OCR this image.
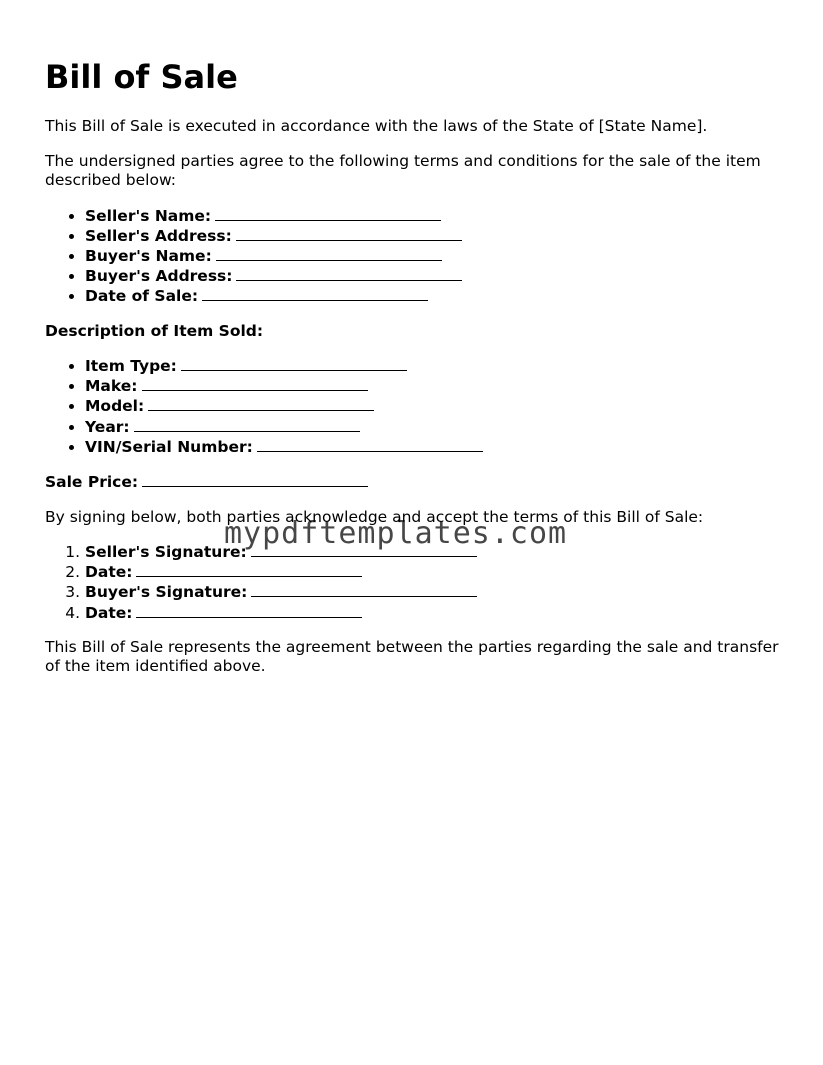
Bill of Sale

This Bill of Sale is executed in accordance with the laws of the State of [State Name].

The undersigned parties agree to the following terms and conditions for the sale of the item described below:

• Seller's Name:
• Seller's Address:
• Buyer's Name:
• Buyer's Address:
• Date of Sale:
Description of Item Sold:
• Item Type:
• Make:
• Model:
• Year:
• VIN/Serial Number:
Sale Price:

By signing below, both parties acknowledge and accept the terms of this Bill of Sale:

1. Seller's Signature:
2. Date:
3. Buyer's Signature:
4. Date:

This Bill of Sale represents the agreement between the parties regarding the sale and transfer of the item identified above.

mypdftemplates.com
